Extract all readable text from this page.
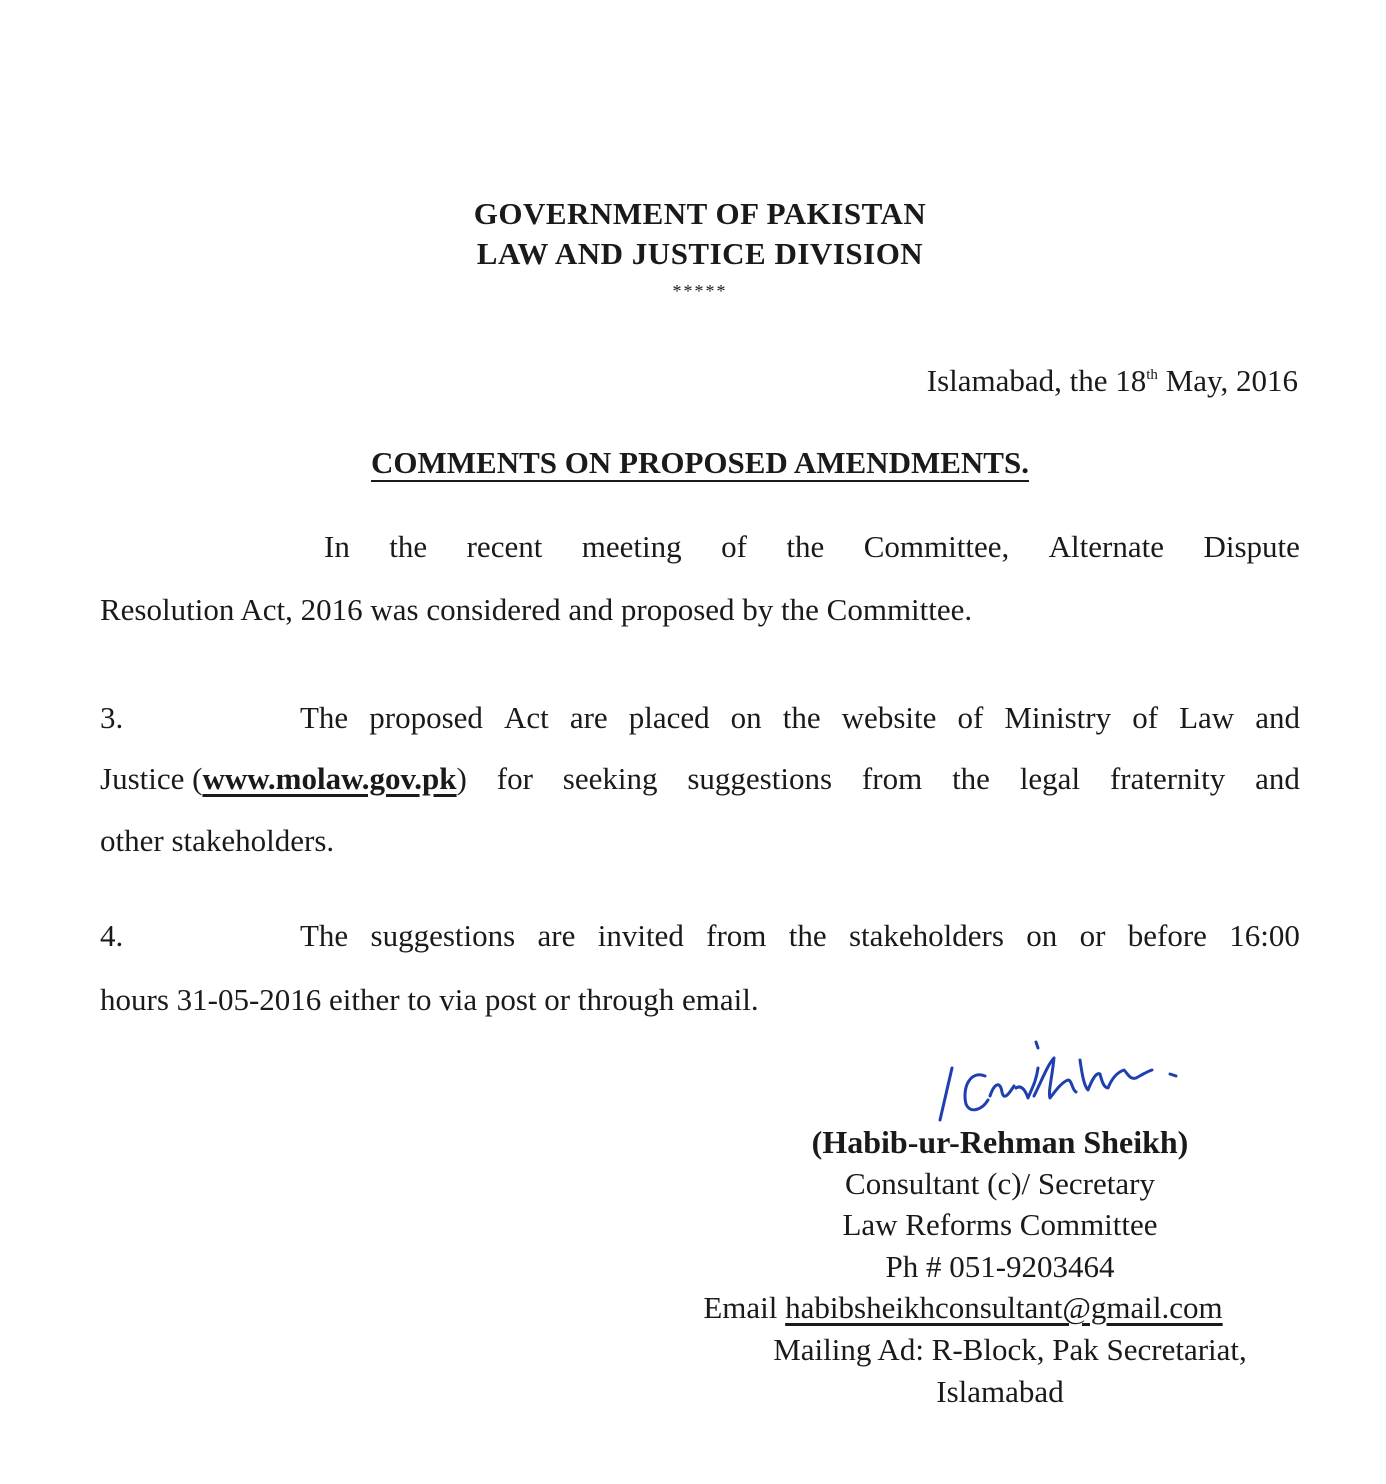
GOVERNMENT OF PAKISTAN
LAW AND JUSTICE DIVISION
*****
Islamabad, the 18th May, 2016
COMMENTS ON PROPOSED AMENDMENTS.
In the recent meeting of the Committee, Alternate Dispute
Resolution Act, 2016 was considered and proposed by the Committee.
3.	The proposed Act are placed on the website of Ministry of Law and
Justice ( www.molaw.gov.pk ) for seeking suggestions from the legal fraternity and
other stakeholders.
4.	The suggestions are invited from the stakeholders on or before 16:00
hours 31-05-2016 either to via post or through email.
(Habib-ur-Rehman Sheikh)
Consultant (c)/ Secretary
Law Reforms Committee
Ph # 051-9203464
Email habibsheikhconsultant@gmail.com
Mailing Ad: R-Block, Pak Secretariat,
Islamabad
